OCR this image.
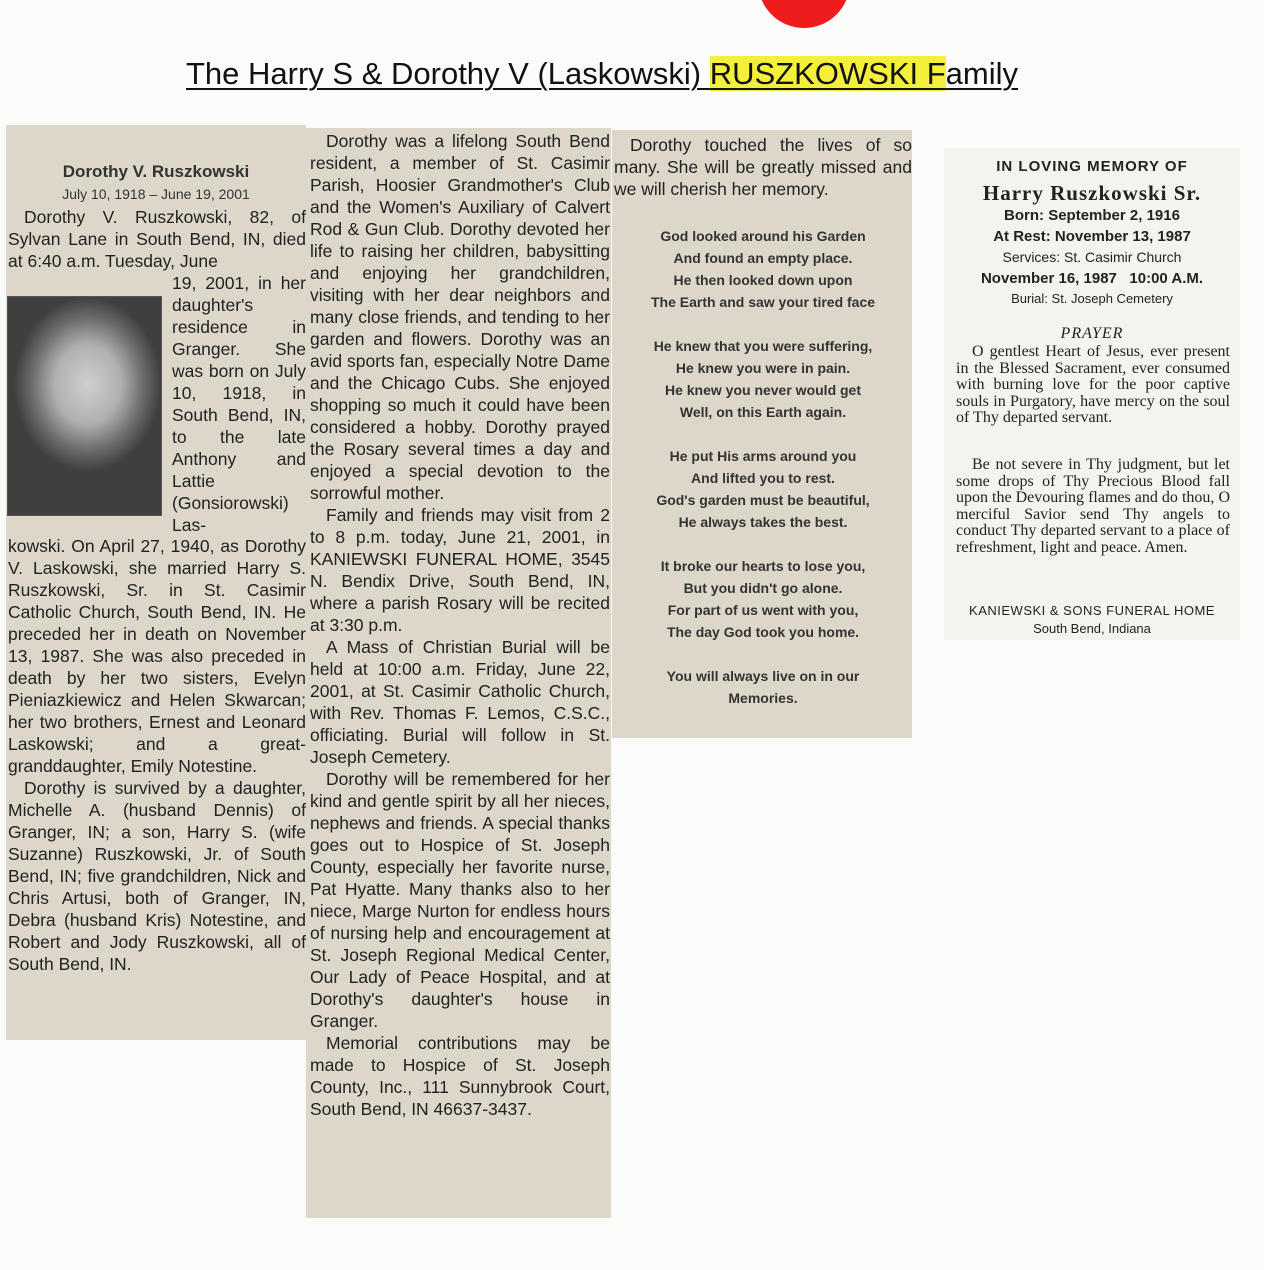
The Harry S & Dorothy V (Laskowski) RUSZKOWSKI Family
Dorothy V. Ruszkowski
July 10, 1918 – June 19, 2001
Dorothy V. Ruszkowski, 82, of Sylvan Lane in South Bend, IN, died at 6:40 a.m. Tuesday, June
19, 2001, in her daughter's residence in Granger. She was born on July 10, 1918, in South Bend, IN, to the late Anthony and Lattie (Gonsiorowski) Las-

kowski. On April 27, 1940, as Dorothy V. Laskowski, she married Harry S. Ruszkowski, Sr. in St. Casimir Catholic Church, South Bend, IN. He preceded her in death on November 13, 1987. She was also preceded in death by her two sisters, Evelyn Pieniazkiewicz and Helen Skwarcan; her two brothers, Ernest and Leonard Laskowski; and a great-granddaughter, Emily Notestine.

Dorothy is survived by a daughter, Michelle A. (husband Dennis) of Granger, IN; a son, Harry S. (wife Suzanne) Ruszkowski, Jr. of South Bend, IN; five grandchildren, Nick and Chris Artusi, both of Granger, IN, Debra (husband Kris) Notestine, and Robert and Jody Ruszkowski, all of South Bend, IN.

Dorothy was a lifelong South Bend resident, a member of St. Casimir Parish, Hoosier Grandmother's Club and the Women's Auxiliary of Calvert Rod & Gun Club. Dorothy devoted her life to raising her children, babysitting and enjoying her grandchildren, visiting with her dear neighbors and many close friends, and tending to her garden and flowers. Dorothy was an avid sports fan, especially Notre Dame and the Chicago Cubs. She enjoyed shopping so much it could have been considered a hobby. Dorothy prayed the Rosary several times a day and enjoyed a special devotion to the sorrowful mother.

Family and friends may visit from 2 to 8 p.m. today, June 21, 2001, in KANIEWSKI FUNERAL HOME, 3545 N. Bendix Drive, South Bend, IN, where a parish Rosary will be recited at 3:30 p.m.

A Mass of Christian Burial will be held at 10:00 a.m. Friday, June 22, 2001, at St. Casimir Catholic Church, with Rev. Thomas F. Lemos, C.S.C., officiating. Burial will follow in St. Joseph Cemetery.

Dorothy will be remembered for her kind and gentle spirit by all her nieces, nephews and friends. A special thanks goes out to Hospice of St. Joseph County, especially her favorite nurse, Pat Hyatte. Many thanks also to her niece, Marge Nurton for endless hours of nursing help and encouragement at St. Joseph Regional Medical Center, Our Lady of Peace Hospital, and at Dorothy's daughter's house in Granger.

Memorial contributions may be made to Hospice of St. Joseph County, Inc., 111 Sunnybrook Court, South Bend, IN 46637-3437.

Dorothy touched the lives of so many. She will be greatly missed and we will cherish her memory.
God looked around his Garden
And found an empty place.
He then looked down upon
The Earth and saw your tired face
He knew that you were suffering,
He knew you were in pain.
He knew you never would get
Well, on this Earth again.
He put His arms around you
And lifted you to rest.
God's garden must be beautiful,
He always takes the best.
It broke our hearts to lose you,
But you didn't go alone.
For part of us went with you,
The day God took you home.
You will always live on in our
Memories.
IN LOVING MEMORY OF
Harry Ruszkowski Sr.
Born: September 2, 1916
At Rest: November 13, 1987
Services: St. Casimir Church
November 16, 1987   10:00 A.M.
Burial: St. Joseph Cemetery
PRAYER
O gentlest Heart of Jesus, ever present in the Blessed Sacrament, ever consumed with burning love for the poor captive souls in Purgatory, have mercy on the soul of Thy departed servant.
Be not severe in Thy judgment, but let some drops of Thy Precious Blood fall upon the Devouring flames and do thou, O merciful Savior send Thy angels to conduct Thy departed servant to a place of refreshment, light and peace. Amen.
KANIEWSKI & SONS FUNERAL HOME
South Bend, Indiana
